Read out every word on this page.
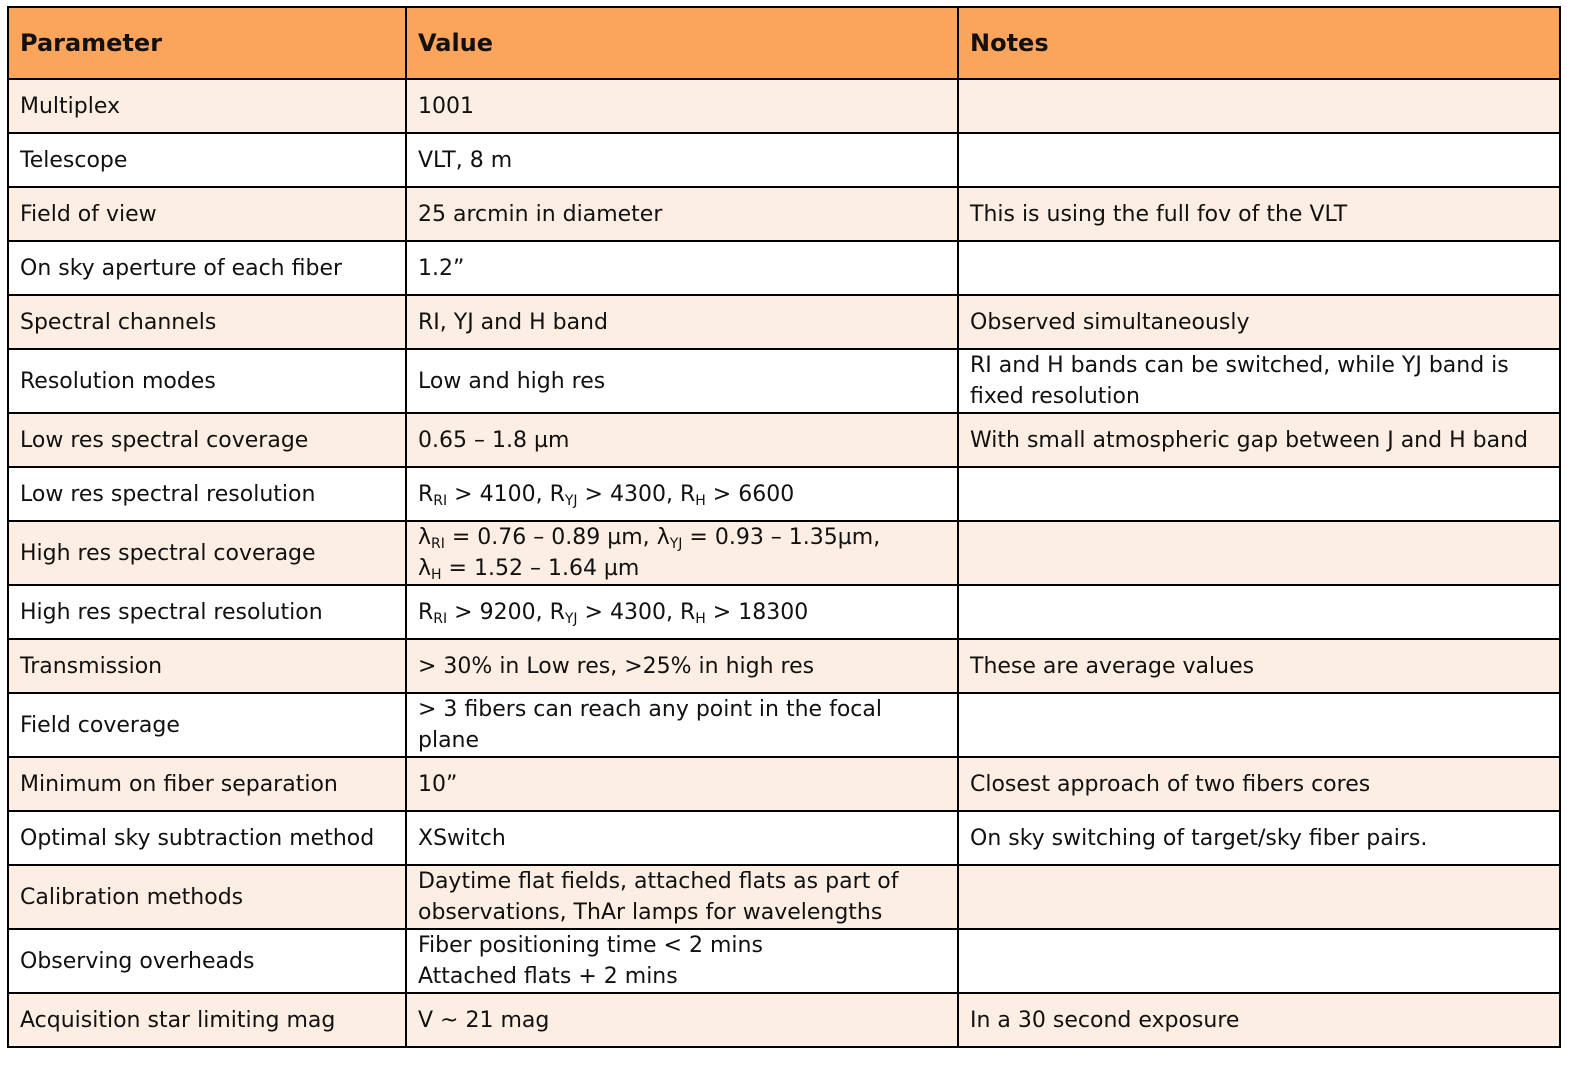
Parameter	Value	Notes
Multiplex	1001	
Telescope	VLT, 8 m	
Field of view	25 arcmin in diameter	This is using the full fov of the VLT
On sky aperture of each fiber	1.2”	
Spectral channels	RI, YJ and H band	Observed simultaneously
Resolution modes	Low and high res	RI and H bands can be switched, while YJ band is fixed resolution
Low res spectral coverage	0.65 – 1.8 µm	With small atmospheric gap between J and H band
Low res spectral resolution	$R_{RI} > 4100$, $R_{YJ} > 4300$, $R_H > 6600$	
High res spectral coverage	$\lambda_{RI} = 0.76 - 0.89$ µm, $\lambda_{YJ} = 0.93 - 1.35\mu m$,
$\lambda_H = 1.52 - 1.64$ µm	
High res spectral resolution	$R_{RI} > 9200$, $R_{YJ} > 4300$, $R_H > 18300$	
Transmission	> 30% in Low res, >25% in high res	These are average values
Field coverage	> 3 fibers can reach any point in the focal plane	
Minimum on fiber separation	10”	Closest approach of two fibers cores
Optimal sky subtraction method	XSwitch	On sky switching of target/sky fiber pairs.
Calibration methods	Daytime flat fields, attached flats as part of observations, ThAr lamps for wavelengths	
Observing overheads	Fiber positioning time < 2 mins
Attached flats + 2 mins	

Acquisition star limiting mag	V ~ 21 mag	In a 30 second exposure
